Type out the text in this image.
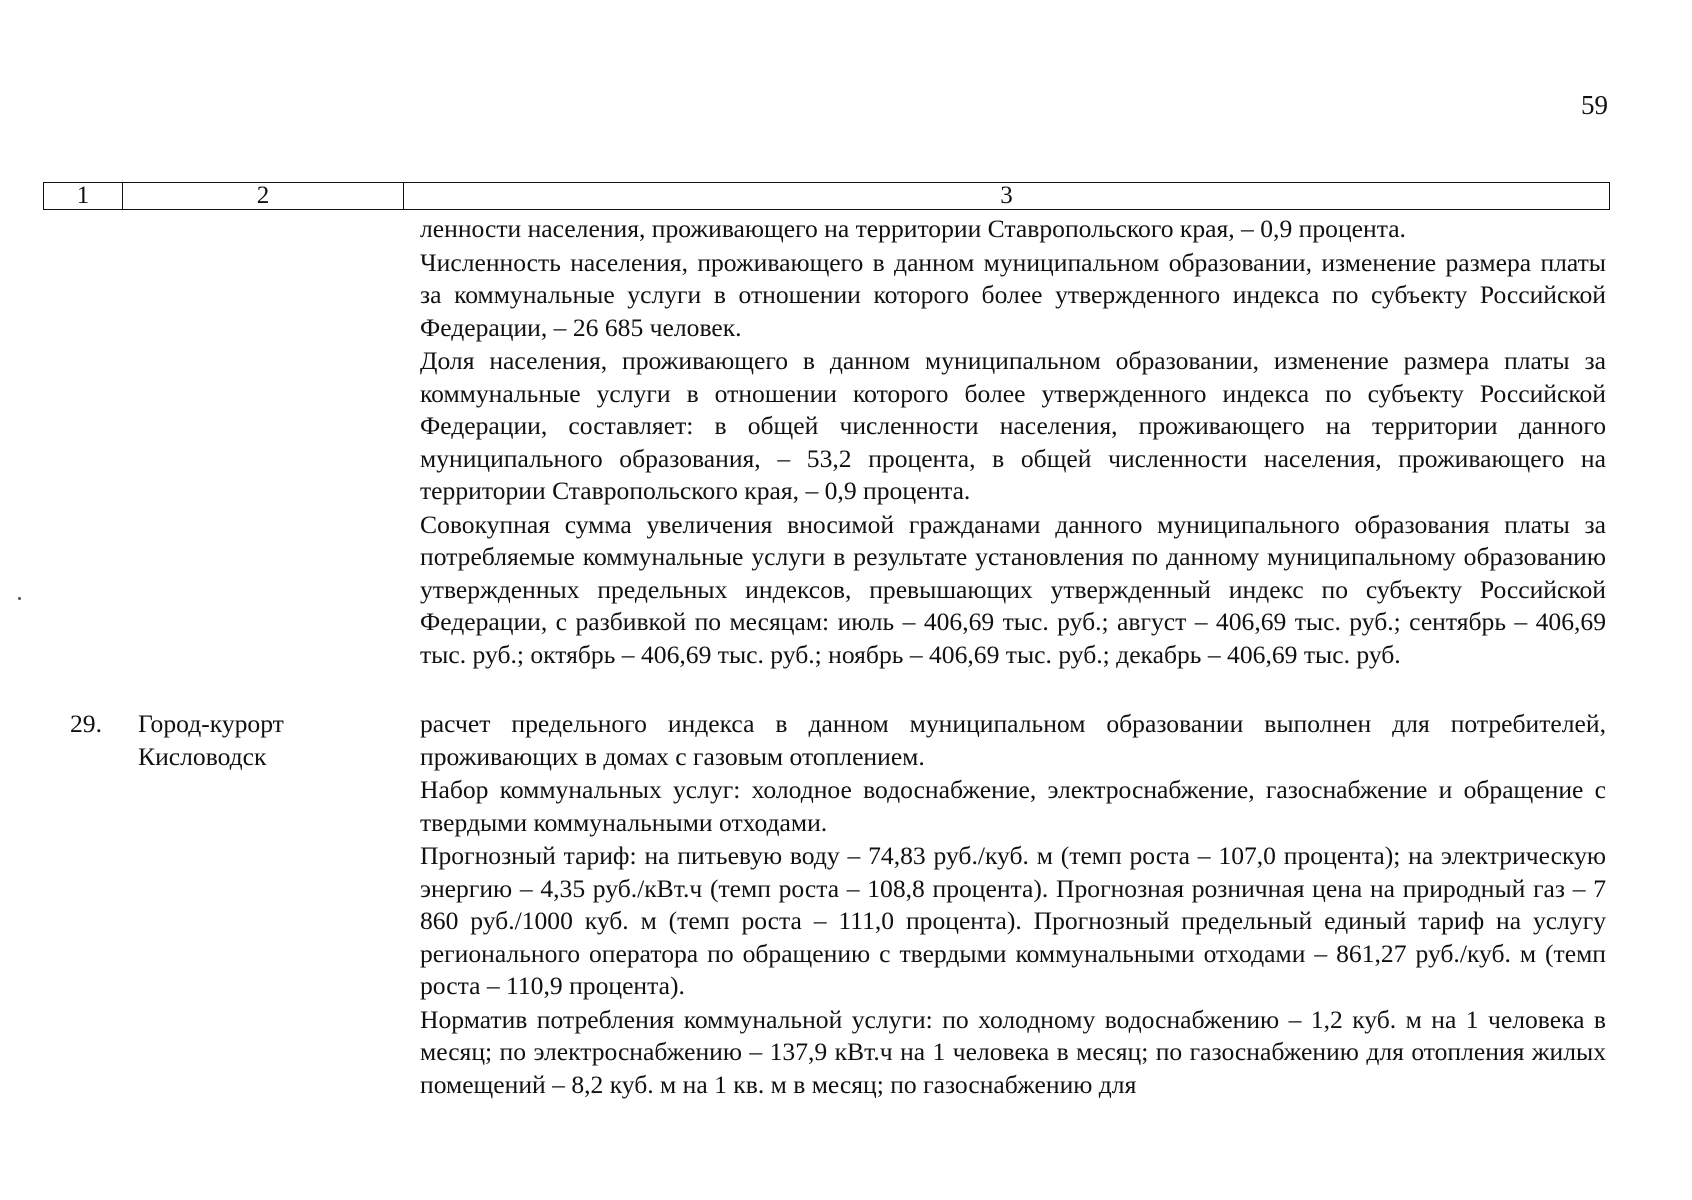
59
1	2	3

ленности населения, проживающего на территории Ставропольского края, – 0,9 процента.

Численность населения, проживающего в данном муниципальном образовании, изменение размера платы за коммунальные услуги в отношении которого более утвержденного индекса по субъекту Российской Федерации, – 26 685 человек.

Доля населения, проживающего в данном муниципальном образовании, изменение размера платы за коммунальные услуги в отношении которого более утвержденного индекса по субъекту Российской Федерации, составляет: в общей численности населения, проживающего на территории данного муниципального образования, – 53,2 процента, в общей численности населения, проживающего на территории Ставропольского края, – 0,9 процента.

Совокупная сумма увеличения вносимой гражданами данного муниципального образования платы за потребляемые коммунальные услуги в результате установления по данному муниципальному образованию утвержденных предельных индексов, превышающих утвержденный индекс по субъекту Российской Федерации, с разбивкой по месяцам: июль – 406,69 тыс. руб.; август – 406,69 тыс. руб.; сентябрь – 406,69 тыс. руб.; октябрь – 406,69 тыс. руб.; ноябрь – 406,69 тыс. руб.; декабрь – 406,69 тыс. руб.

29. Город-курорт Кисловодск

расчет предельного индекса в данном муниципальном образовании выполнен для потребителей, проживающих в домах с газовым отоплением.

Набор коммунальных услуг: холодное водоснабжение, электроснабжение, газоснабжение и обращение с твердыми коммунальными отходами.

Прогнозный тариф: на питьевую воду – 74,83 руб./куб. м (темп роста – 107,0 процента); на электрическую энергию – 4,35 руб./кВт.ч (темп роста – 108,8 процента). Прогнозная розничная цена на природный газ – 7 860 руб./1000 куб. м (темп роста – 111,0 процента). Прогнозный предельный единый тариф на услугу регионального оператора по обращению с твердыми коммунальными отходами – 861,27 руб./куб. м (темп роста – 110,9 процента).

Норматив потребления коммунальной услуги: по холодному водоснабжению – 1,2 куб. м на 1 человека в месяц; по электроснабжению – 137,9 кВт.ч на 1 человека в месяц; по газоснабжению для отопления жилых помещений – 8,2 куб. м на 1 кв. м в месяц; по газоснабжению для
